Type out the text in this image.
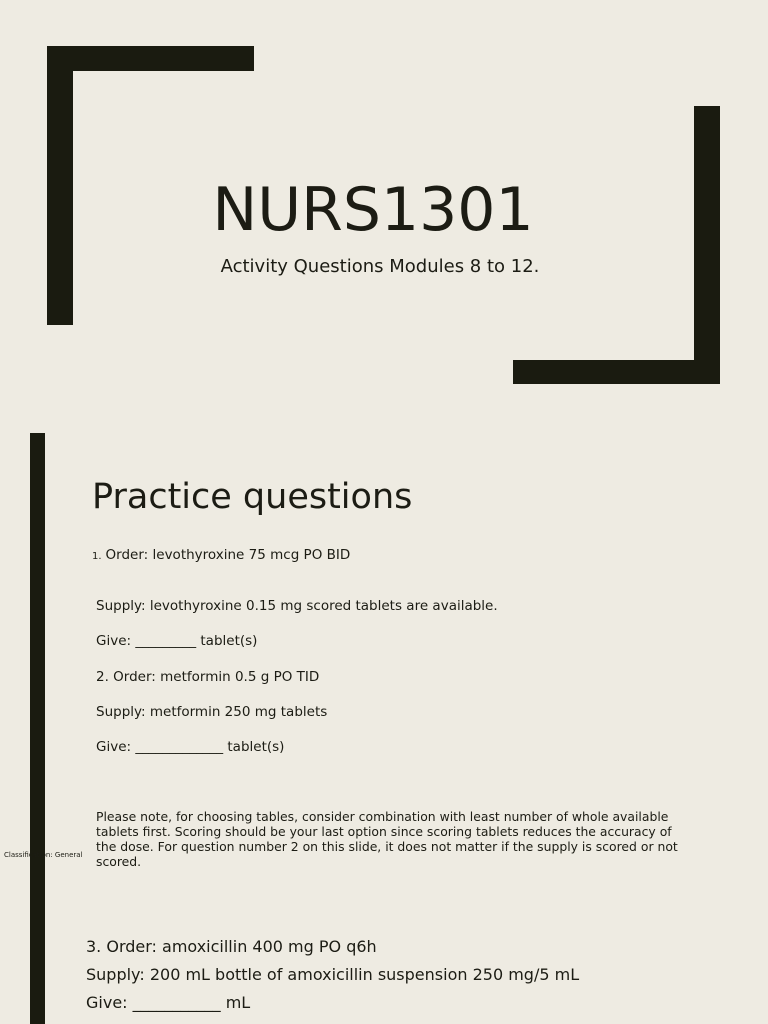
NURS1301
Activity Questions Modules 8 to 12.
Practice questions
1. Order: levothyroxine 75 mcg PO BID
Supply: levothyroxine 0.15 mg scored tablets are available.
Give: _________ tablet(s)
2. Order: metformin 0.5 g PO TID
Supply: metformin 250 mg tablets
Give: _____________ tablet(s)
Please note, for choosing tables, consider combination with least number of whole available tablets first. Scoring should be your last option since scoring tablets reduces the accuracy of the dose. For question number 2 on this slide, it does not matter if the supply is scored or not scored.
Classification: General
3. Order: amoxicillin 400 mg PO q6h
Supply: 200 mL bottle of amoxicillin suspension 250 mg/5 mL
Give: ___________ mL
